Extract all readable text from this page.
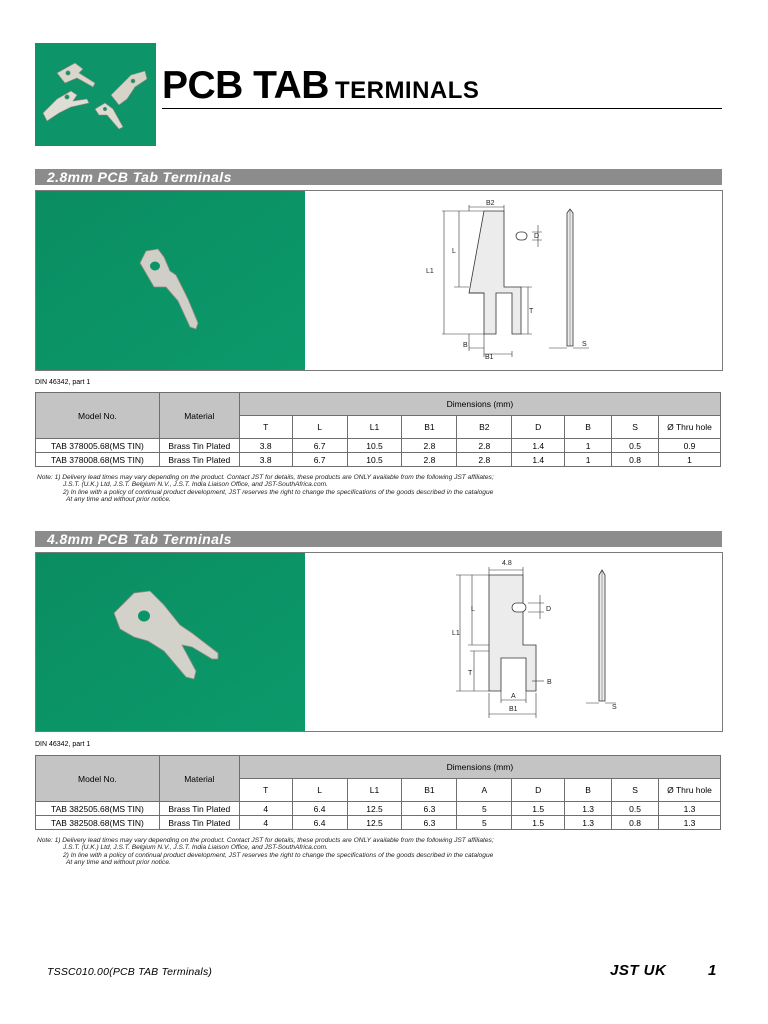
PCB TAB TERMINALS
2.8mm PCB Tab Terminals
B2
D
L
L1
T
B
B1
S
DIN 46342, part 1
Model No.	Material	Dimensions (mm)								
		T	L	L1	B1	B2	D	B	S	Ø Thru hole
TAB 378005.68(MS TIN)	Brass Tin Plated	3.8	6.7	10.5	2.8	2.8	1.4	1	0.5	0.9
TAB 378008.68(MS TIN)	Brass Tin Plated	3.8	6.7	10.5	2.8	2.8	1.4	1	0.8	1
Note: 1) Delivery lead times may vary depending on the product. Contact JST for details, these products are ONLY available from the following JST affiliates;
J.S.T. (U.K.) Ltd, J.S.T. Belgium N.V., J.S.T. India Liaison Office, and JST-SouthAfrica.com.
2) In line with a policy of continual product development, JST reserves the right to change the specifications of the goods described in the catalogue
At any time and without prior notice.
4.8mm PCB Tab Terminals
4.8
D
L
L1
T
B
A
B1	S
DIN 46342, part 1
Model No.	Material	Dimensions (mm)								
		T	L	L1	B1	A	D	B	S	Ø Thru hole
TAB 382505.68(MS TIN)	Brass Tin Plated	4	6.4	12.5	6.3	5	1.5	1.3	0.5	1.3
TAB 382508.68(MS TIN)	Brass Tin Plated	4	6.4	12.5	6.3	5	1.5	1.3	0.8	1.3
Note: 1) Delivery lead times may vary depending on the product. Contact JST for details, these products are ONLY available from the following JST affiliates;
J.S.T. (U.K.) Ltd, J.S.T. Belgium N.V., J.S.T. India Liaison Office, and JST-SouthAfrica.com.
2) In line with a policy of continual product development, JST reserves the right to change the specifications of the goods described in the catalogue
At any time and without prior notice.
TSSC010.00(PCB TAB Terminals)	JST UK	1
